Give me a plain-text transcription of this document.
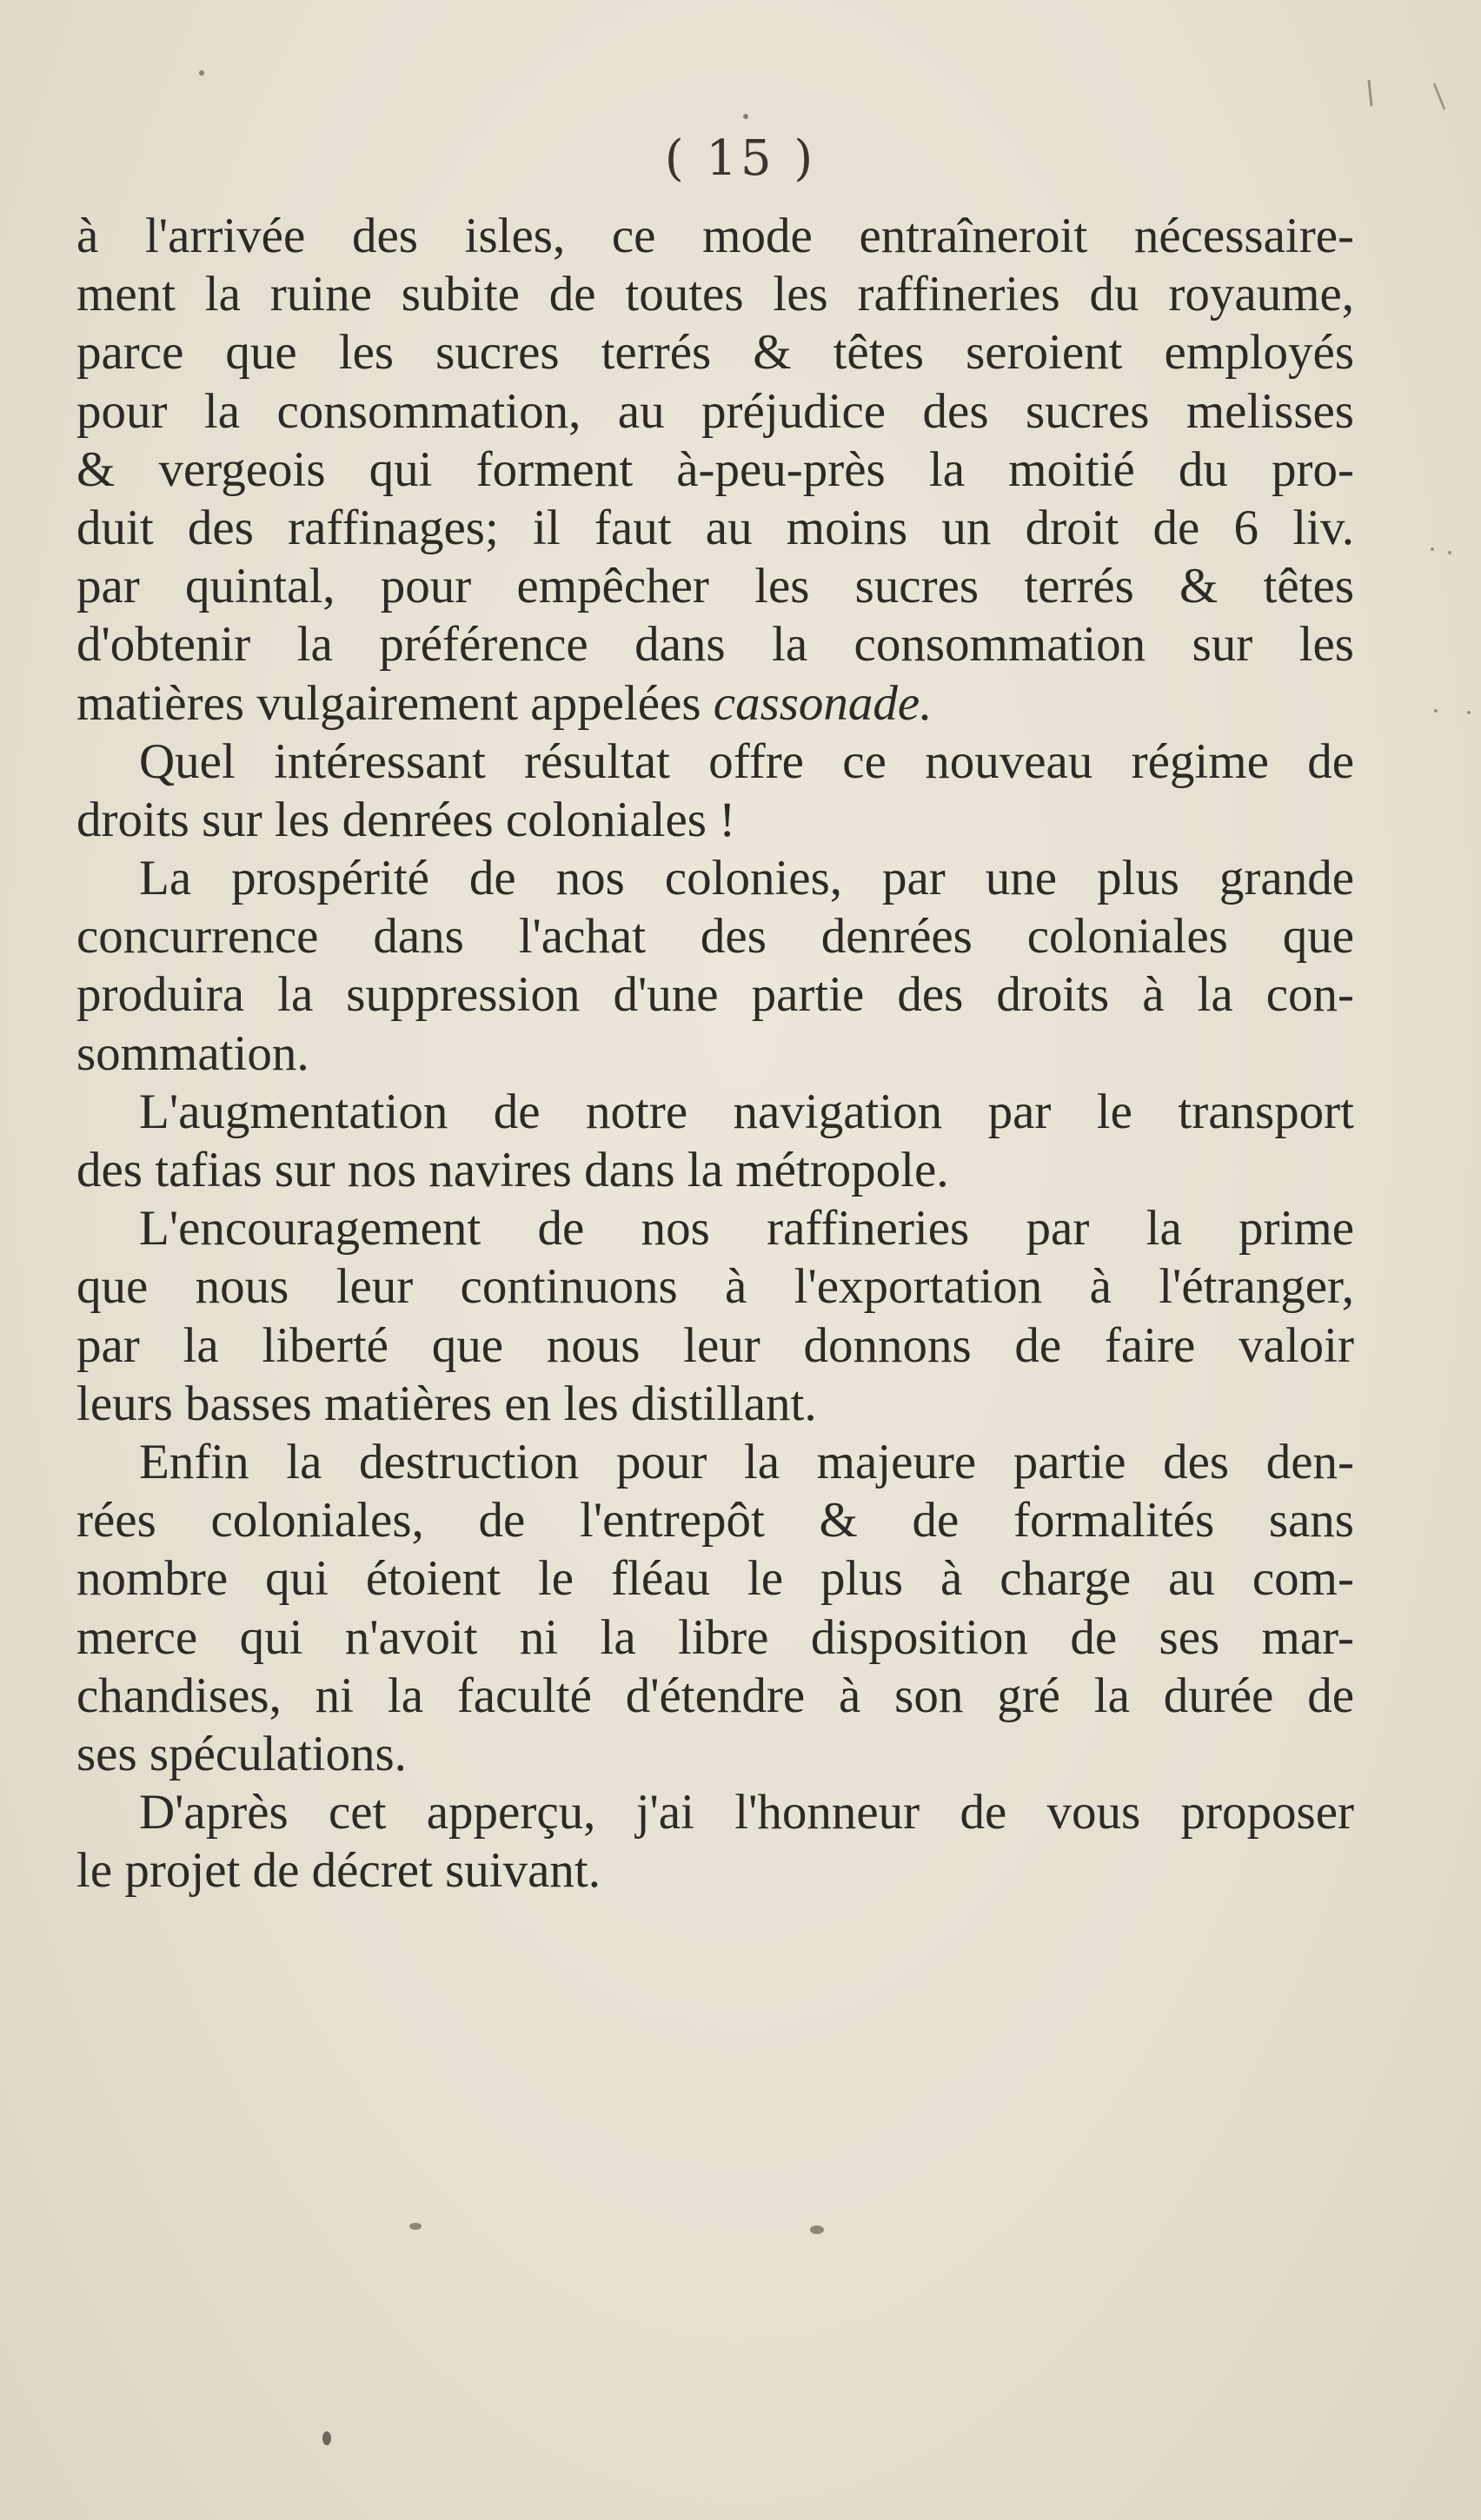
( 15 )
à l'arrivée des isles, ce mode entraîneroit nécessaire-
ment la ruine subite de toutes les raffineries du royaume,
parce que les sucres terrés & têtes seroient employés
pour la consommation, au préjudice des sucres melisses
& vergeois qui forment à-peu-près la moitié du pro-
duit des raffinages; il faut au moins un droit de 6 liv.
par quintal, pour empêcher les sucres terrés & têtes
d'obtenir la préférence dans la consommation sur les
matières vulgairement appelées cassonade.
Quel intéressant résultat offre ce nouveau régime de
droits sur les denrées coloniales !
La prospérité de nos colonies, par une plus grande
concurrence dans l'achat des denrées coloniales que
produira la suppression d'une partie des droits à la con-
sommation.
L'augmentation de notre navigation par le transport
des tafias sur nos navires dans la métropole.
L'encouragement de nos raffineries par la prime
que nous leur continuons à l'exportation à l'étranger,
par la liberté que nous leur donnons de faire valoir
leurs basses matières en les distillant.
Enfin la destruction pour la majeure partie des den-
rées coloniales, de l'entrepôt & de formalités sans
nombre qui étoient le fléau le plus à charge au com-
merce qui n'avoit ni la libre disposition de ses mar-
chandises, ni la faculté d'étendre à son gré la durée de
ses spéculations.
D'après cet apperçu, j'ai l'honneur de vous proposer
le projet de décret suivant.
